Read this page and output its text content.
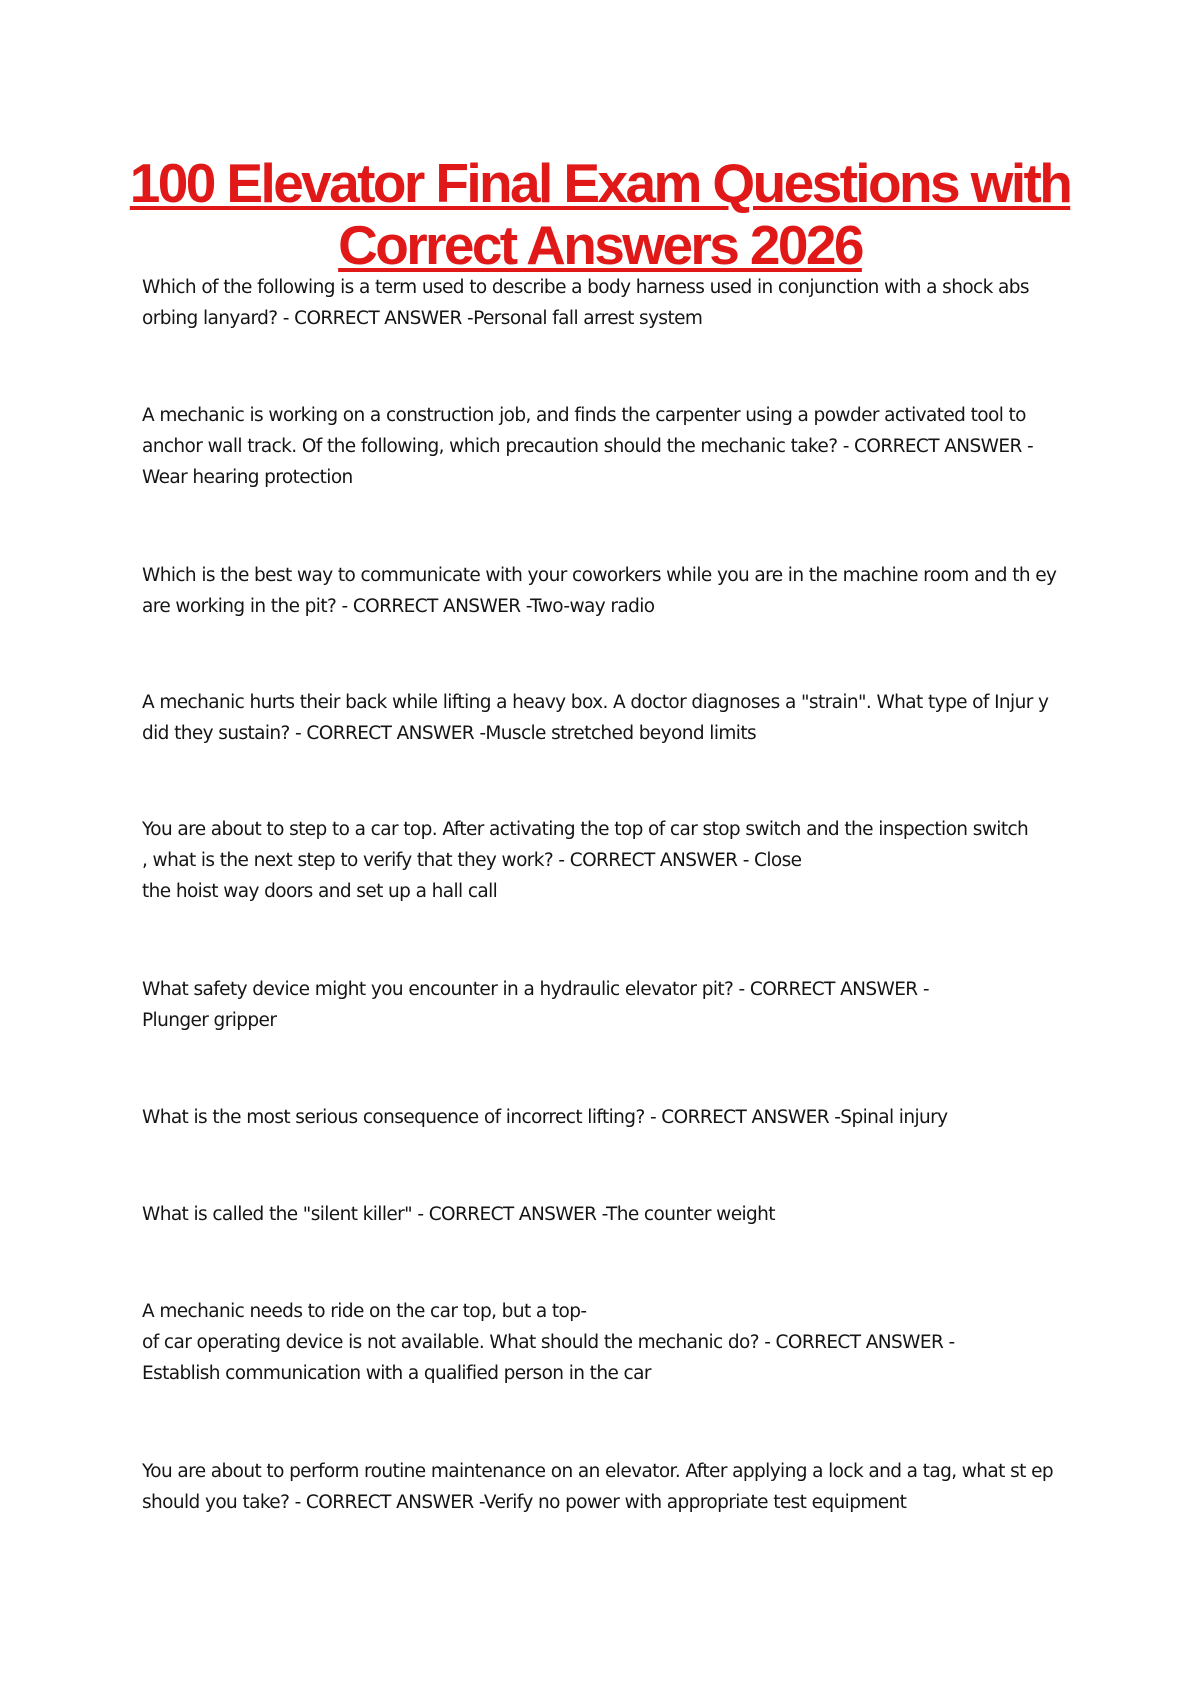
100 Elevator Final Exam Questions with
Correct Answers 2026
Which of the following is a term used to describe a body harness used in conjunction with a shock abs
orbing lanyard? - CORRECT ANSWER -Personal fall arrest system
A mechanic is working on a construction job, and finds the carpenter using a powder activated tool to
anchor wall track. Of the following, which precaution should the mechanic take? - CORRECT ANSWER -
Wear hearing protection
Which is the best way to communicate with your coworkers while you are in the machine room and th ey
are working in the pit? - CORRECT ANSWER -Two-way radio
A mechanic hurts their back while lifting a heavy box. A doctor diagnoses a "strain". What type of Injur y
did they sustain? - CORRECT ANSWER -Muscle stretched beyond limits
You are about to step to a car top. After activating the top of car stop switch and the inspection switch
, what is the next step to verify that they work? - CORRECT ANSWER - Close
the hoist way doors and set up a hall call
What safety device might you encounter in a hydraulic elevator pit? - CORRECT ANSWER -
Plunger gripper
What is the most serious consequence of incorrect lifting? - CORRECT ANSWER -Spinal injury
What is called the "silent killer" - CORRECT ANSWER -The counter weight
A mechanic needs to ride on the car top, but a top-
of car operating device is not available. What should the mechanic do? - CORRECT ANSWER -
Establish communication with a qualified person in the car
You are about to perform routine maintenance on an elevator. After applying a lock and a tag, what st ep
should you take? - CORRECT ANSWER -Verify no power with appropriate test equipment
